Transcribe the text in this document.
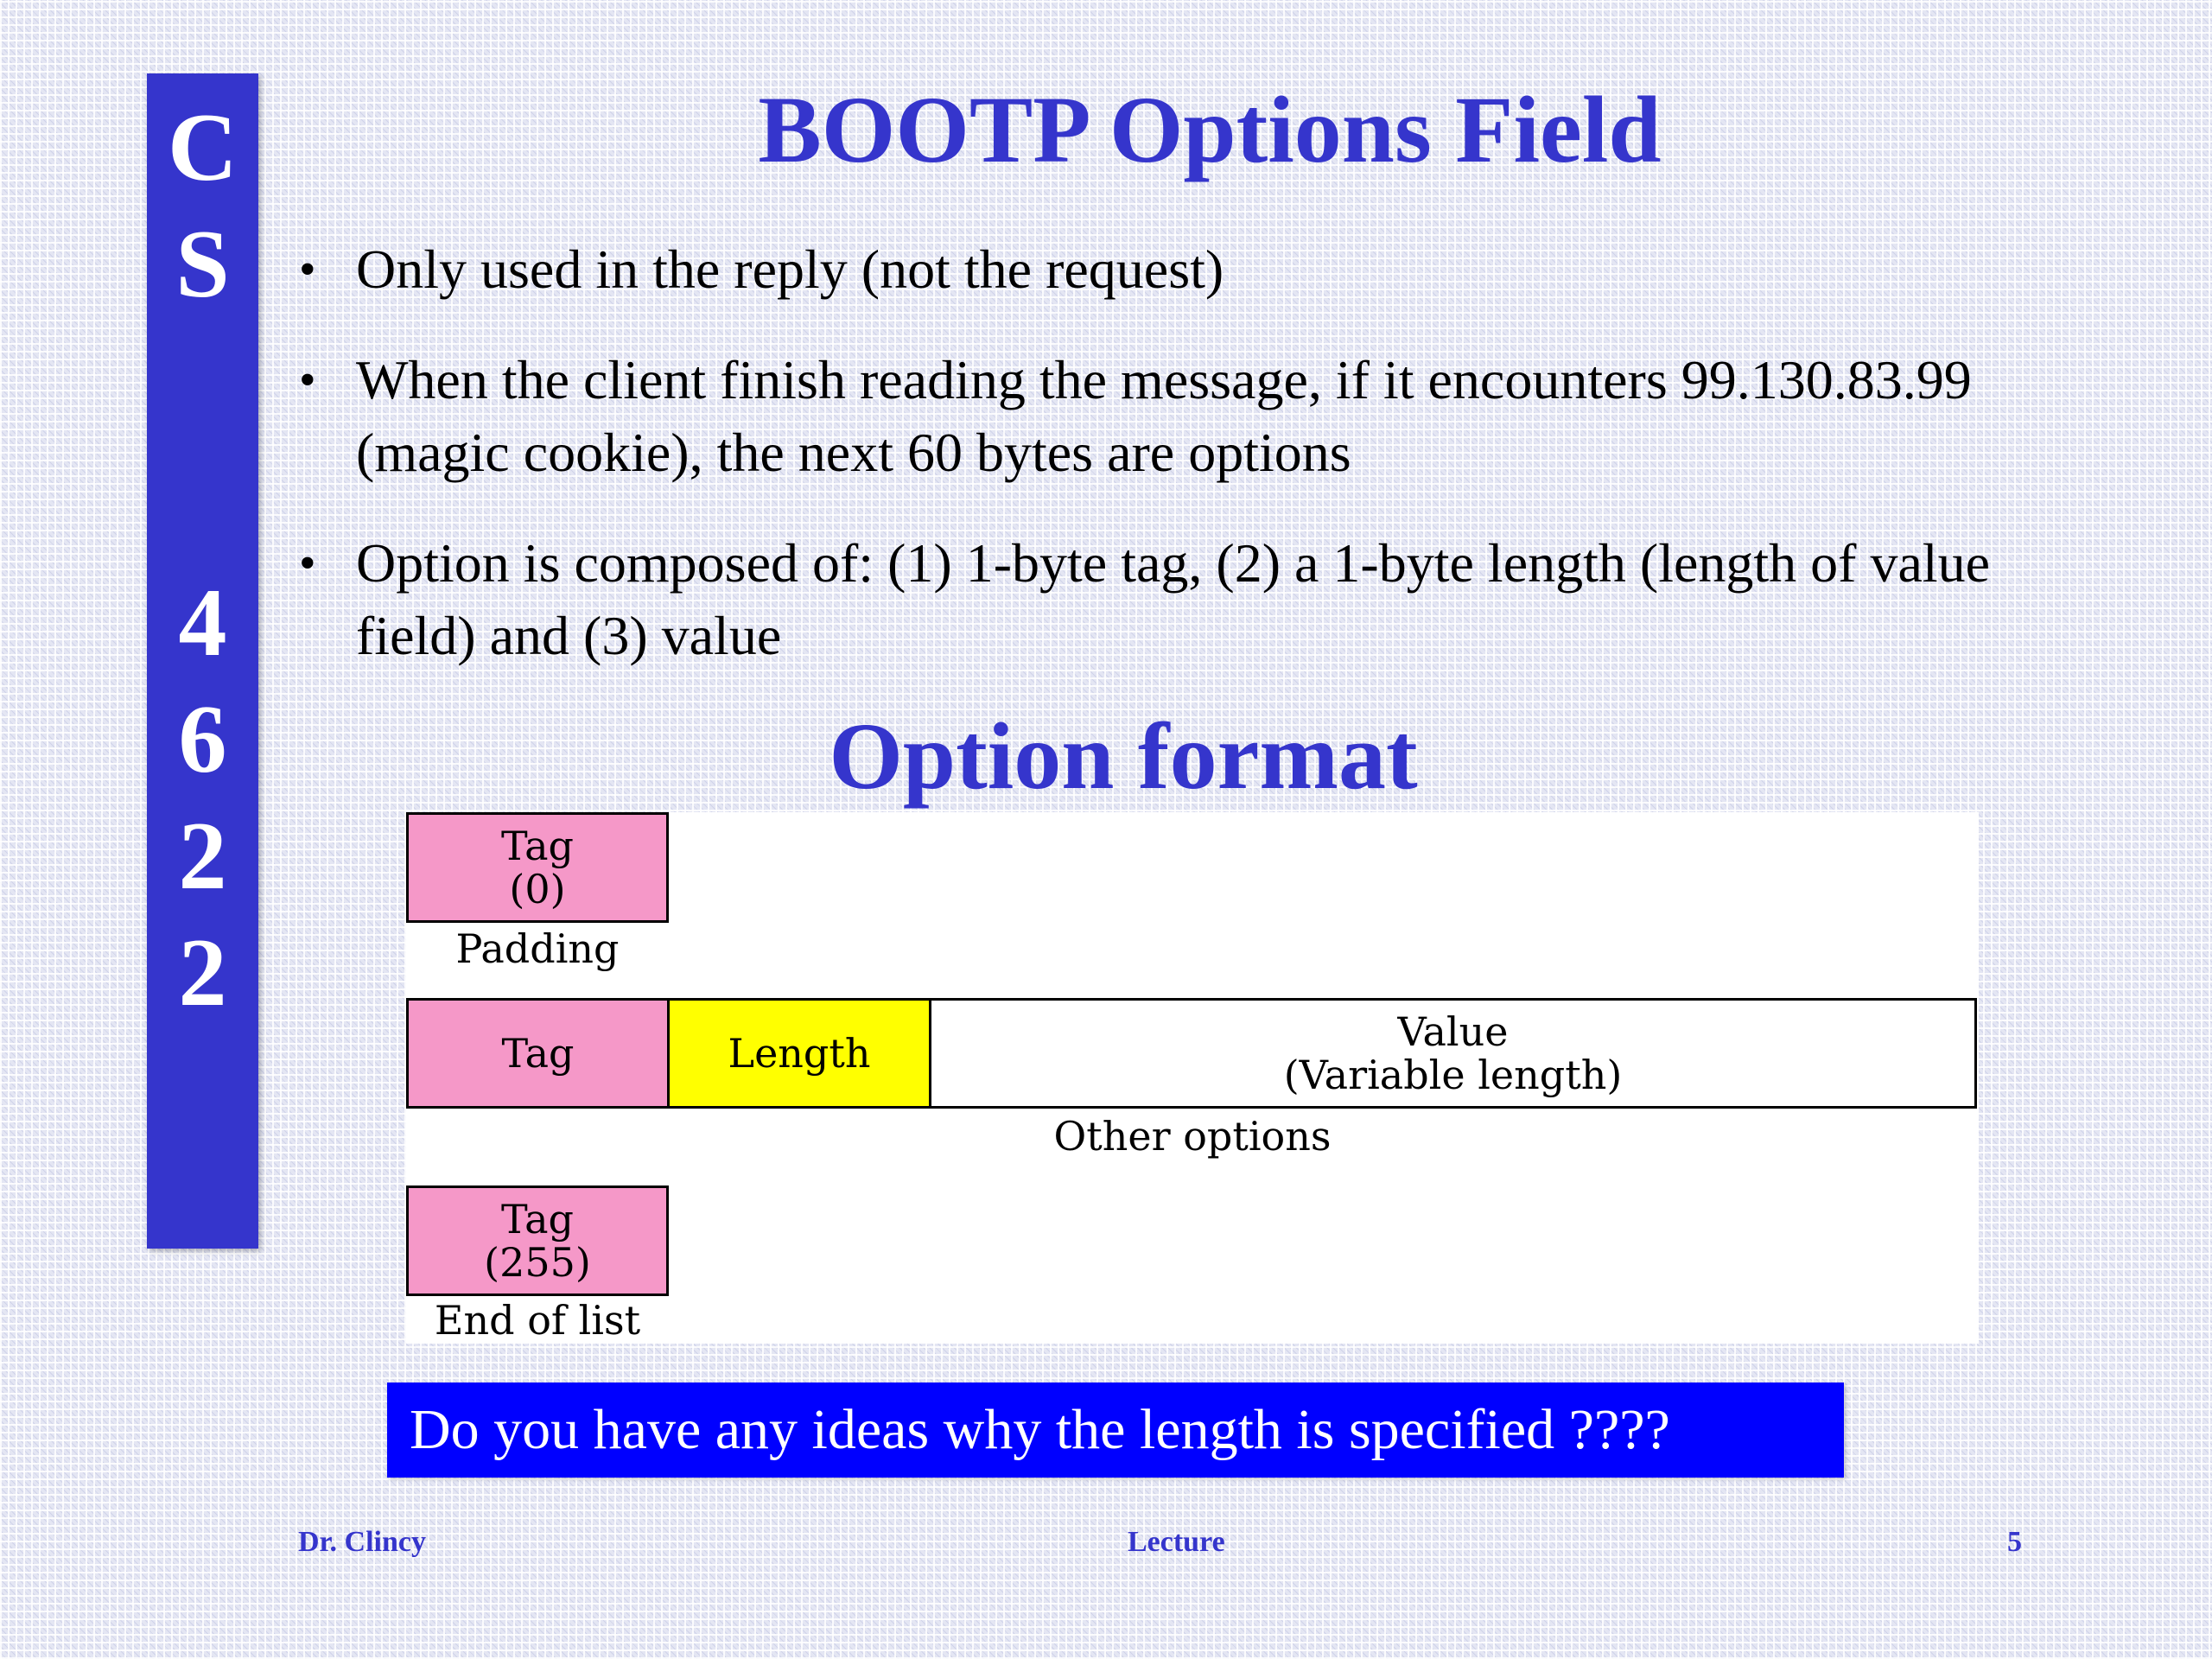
C
S
4
6
2
2
BOOTP Options Field
• Only used in the reply (not the request)
• When the client finish reading the message, if it encounters 99.130.83.99 (magic cookie), the next 60 bytes are options
• Option is composed of: (1) 1-byte tag, (2) a 1-byte length (length of value field) and (3) value
Option format
Tag
(0)
Padding
Tag	Length	Value
(Variable length)
Other options
Tag
(255)
End of list
Do you have any ideas why the length is specified ????
Dr. Clincy	Lecture	5
